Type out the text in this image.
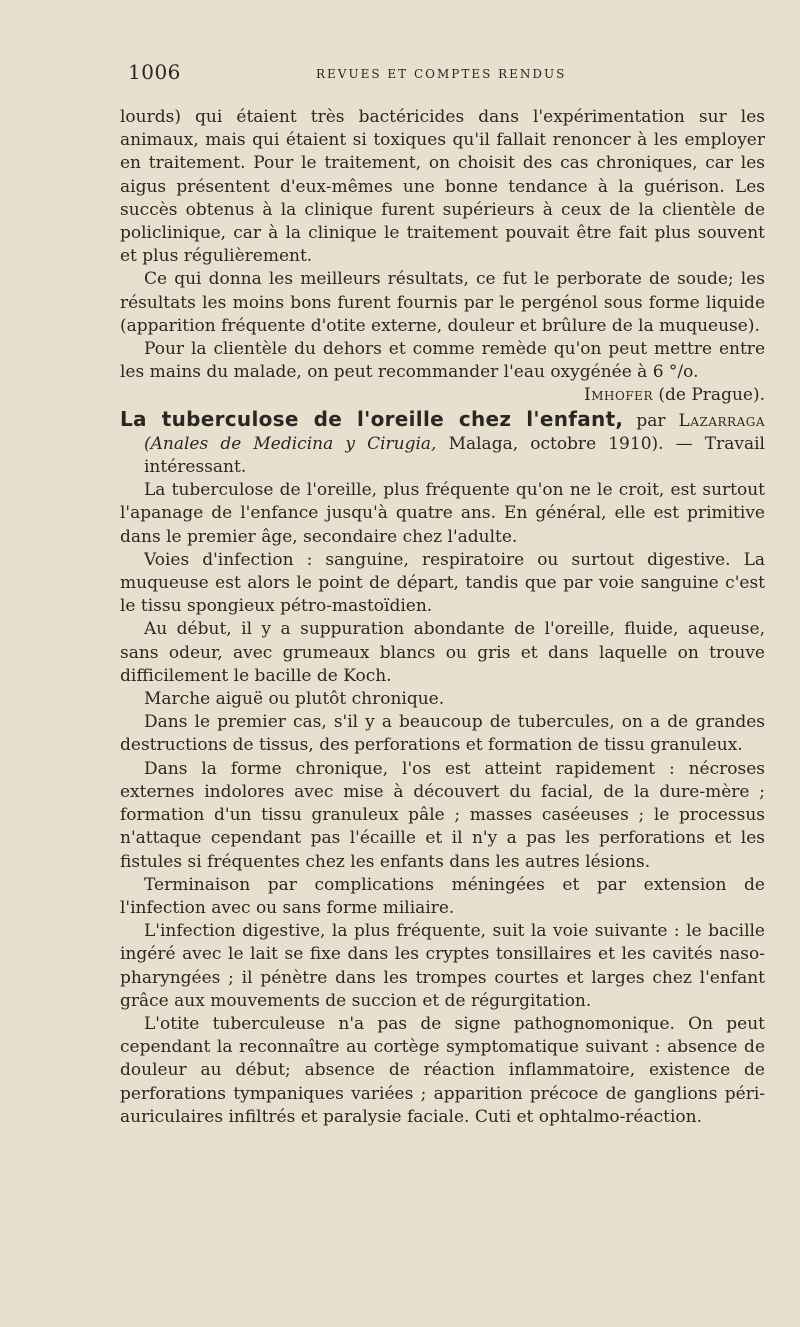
1006	REVUES ET COMPTES RENDUS

lourds) qui étaient très bactéricides dans l'expérimentation sur les animaux, mais qui étaient si toxiques qu'il fallait renoncer à les employer en traitement. Pour le traitement, on choisit des cas chroniques, car les aigus présentent d'eux-mêmes une bonne tendance à la guérison. Les succès obtenus à la clinique furent supérieurs à ceux de la clientèle de policlinique, car à la clinique le traitement pouvait être fait plus souvent et plus régulièrement.

Ce qui donna les meilleurs résultats, ce fut le perborate de soude; les résultats les moins bons furent fournis par le pergénol sous forme liquide (apparition fréquente d'otite externe, douleur et brûlure de la muqueuse).

Pour la clientèle du dehors et comme remède qu'on peut mettre entre les mains du malade, on peut recommander l'eau oxygénée à 6 °/o.
Imhofer (de Prague).

La tuberculose de l'oreille chez l'enfant, par Lazarraga (Anales de Medicina y Cirugia, Malaga, octobre 1910). — Travail intéressant.

La tuberculose de l'oreille, plus fréquente qu'on ne le croit, est surtout l'apanage de l'enfance jusqu'à quatre ans. En général, elle est primitive dans le premier âge, secondaire chez l'adulte.

Voies d'infection : sanguine, respiratoire ou surtout digestive. La muqueuse est alors le point de départ, tandis que par voie sanguine c'est le tissu spongieux pétro-mastoïdien.

Au début, il y a suppuration abondante de l'oreille, fluide, aqueuse, sans odeur, avec grumeaux blancs ou gris et dans laquelle on trouve difficilement le bacille de Koch.

Marche aiguë ou plutôt chronique.

Dans le premier cas, s'il y a beaucoup de tubercules, on a de grandes destructions de tissus, des perforations et formation de tissu granuleux.

Dans la forme chronique, l'os est atteint rapidement : nécroses externes indolores avec mise à découvert du facial, de la dure-mère ; formation d'un tissu granuleux pâle ; masses caséeuses ; le processus n'attaque cependant pas l'écaille et il n'y a pas les perforations et les fistules si fréquentes chez les enfants dans les autres lésions.

Terminaison par complications méningées et par extension de l'infection avec ou sans forme miliaire.

L'infection digestive, la plus fréquente, suit la voie suivante : le bacille ingéré avec le lait se fixe dans les cryptes tonsillaires et les cavités naso-pharyngées ; il pénètre dans les trompes courtes et larges chez l'enfant grâce aux mouvements de succion et de régurgitation.

L'otite tuberculeuse n'a pas de signe pathognomonique. On peut cependant la reconnaître au cortège symptomatique suivant : absence de douleur au début; absence de réaction inflammatoire, existence de perforations tympaniques variées ; apparition précoce de ganglions péri-auriculaires infiltrés et paralysie faciale. Cuti et ophtalmo-réaction.
